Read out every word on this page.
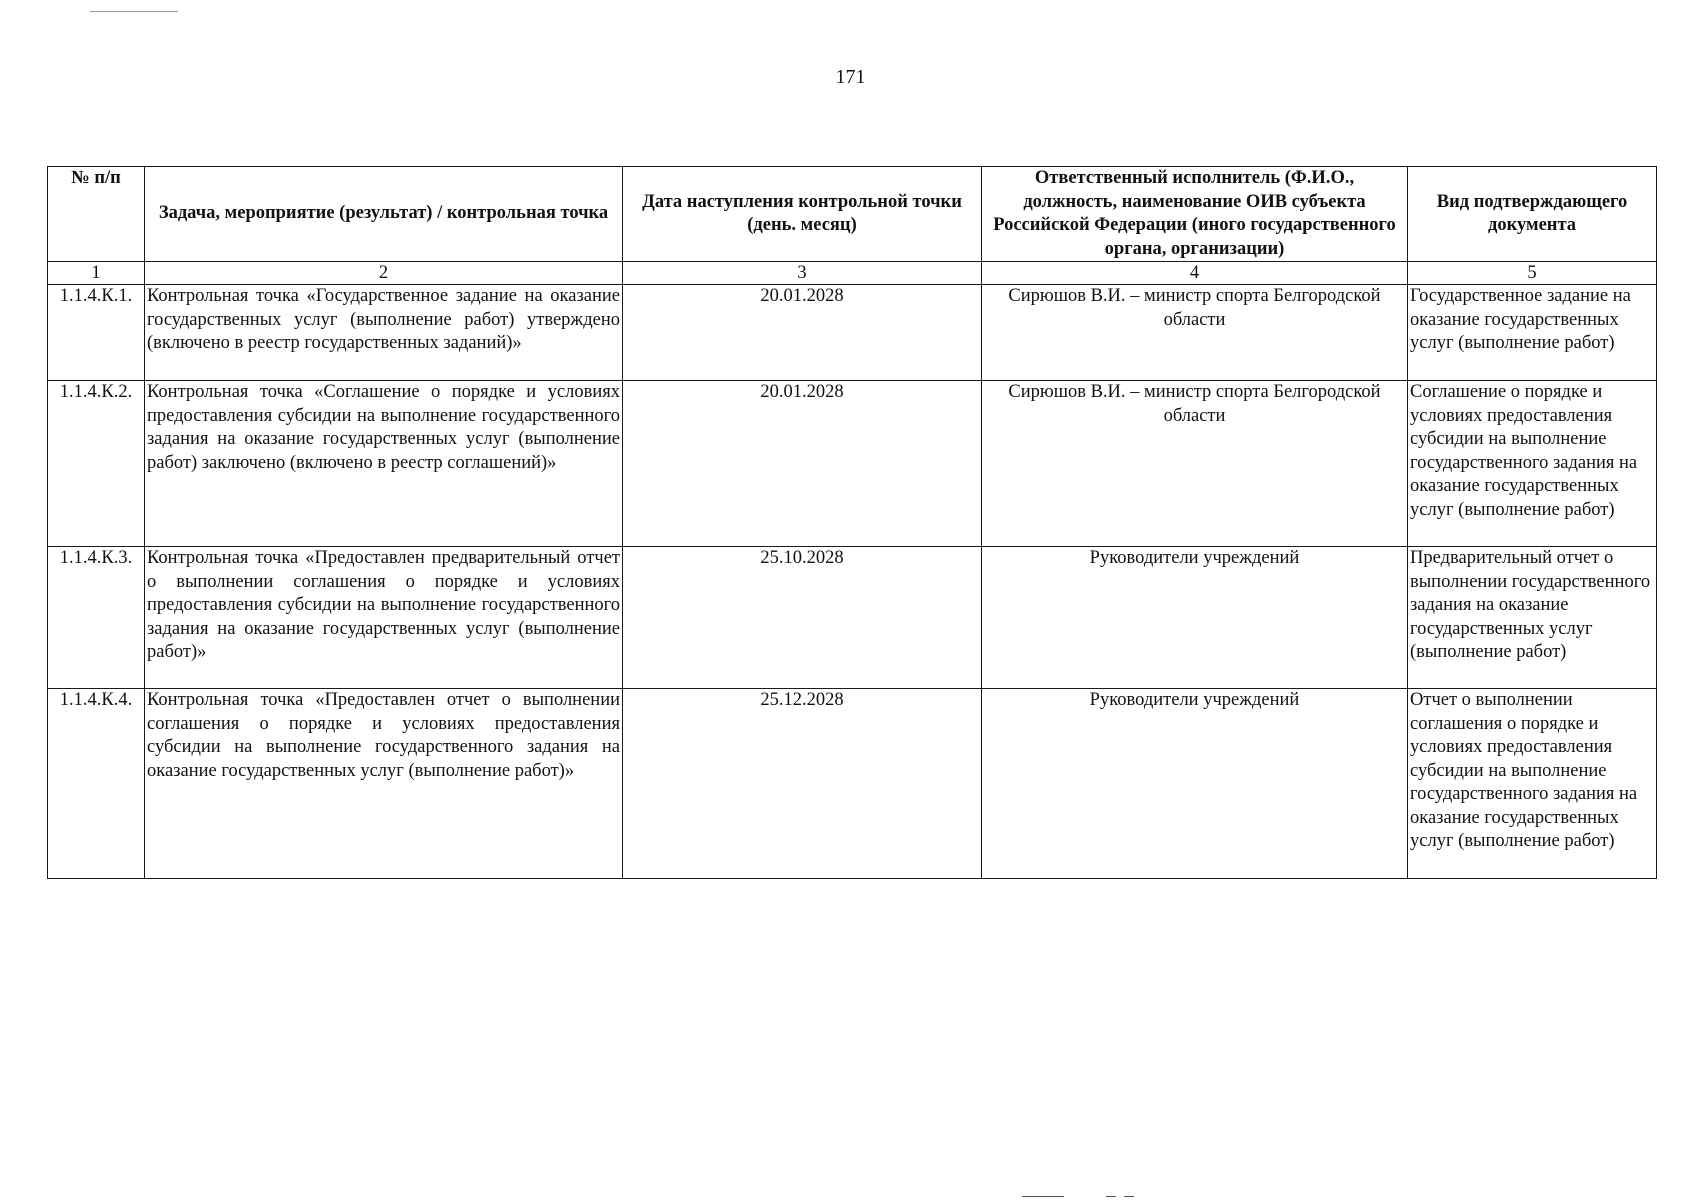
171
№ п/п	Задача, мероприятие (результат) / контрольная точка	Дата наступления контрольной точки (день. месяц)	Ответственный исполнитель (Ф.И.О., должность, наименование ОИВ субъекта Российской Федерации (иного государственного органа, организации)	Вид подтверждающего документа
1	2	3	4	5
1.1.4.К.1.	Контрольная точка «Государственное задание на оказание государственных услуг (выполнение работ) утверждено (включено в реестр государственных заданий)»	20.01.2028	Сирюшов В.И. – министр спорта Белгородской области	Государственное задание на оказание государственных услуг (выполнение работ)
1.1.4.К.2.	Контрольная точка «Соглашение о порядке и условиях предоставления субсидии на выполнение государственного задания на оказание государственных услуг (выполнение работ) заключено (включено в реестр соглашений)»	20.01.2028	Сирюшов В.И. – министр спорта Белгородской области	Соглашение о порядке и условиях предоставления субсидии на выполнение государственного задания на оказание государственных услуг (выполнение работ)
1.1.4.К.3.	Контрольная точка «Предоставлен предварительный отчет о выполнении соглашения о порядке и условиях предоставления субсидии на выполнение государственного задания на оказание государственных услуг (выполнение работ)»	25.10.2028	Руководители учреждений	Предварительный отчет о выполнении государственного задания на оказание государственных услуг (выполнение работ)
1.1.4.К.4.	Контрольная точка «Предоставлен отчет о выполнении соглашения о порядке и условиях предоставления субсидии на выполнение государственного задания на оказание государственных услуг (выполнение работ)»	25.12.2028	Руководители учреждений	Отчет о выполнении соглашения о порядке и условиях предоставления субсидии на выполнение государственного задания на оказание государственных услуг (выполнение работ)
